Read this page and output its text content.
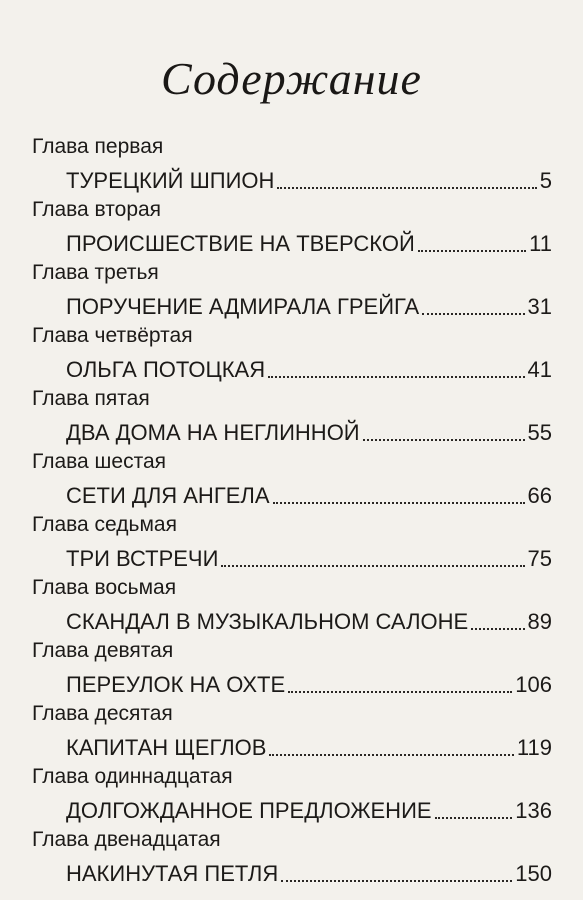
Содержание
Глава первая
ТУРЕЦКИЙ ШПИОН	5
Глава вторая
ПРОИСШЕСТВИЕ НА ТВЕРСКОЙ	11
Глава третья
ПОРУЧЕНИЕ АДМИРАЛА ГРЕЙГА	31
Глава четвёртая
ОЛЬГА ПОТОЦКАЯ	41
Глава пятая
ДВА ДОМА НА НЕГЛИННОЙ	55
Глава шестая
СЕТИ ДЛЯ АНГЕЛА	66
Глава седьмая
ТРИ ВСТРЕЧИ	75
Глава восьмая
СКАНДАЛ В МУЗЫКАЛЬНОМ САЛОНЕ	89
Глава девятая
ПЕРЕУЛОК НА ОХТЕ	106
Глава десятая
КАПИТАН ЩЕГЛОВ	119
Глава одиннадцатая
ДОЛГОЖДАННОЕ ПРЕДЛОЖЕНИЕ	136
Глава двенадцатая
НАКИНУТАЯ ПЕТЛЯ	150
